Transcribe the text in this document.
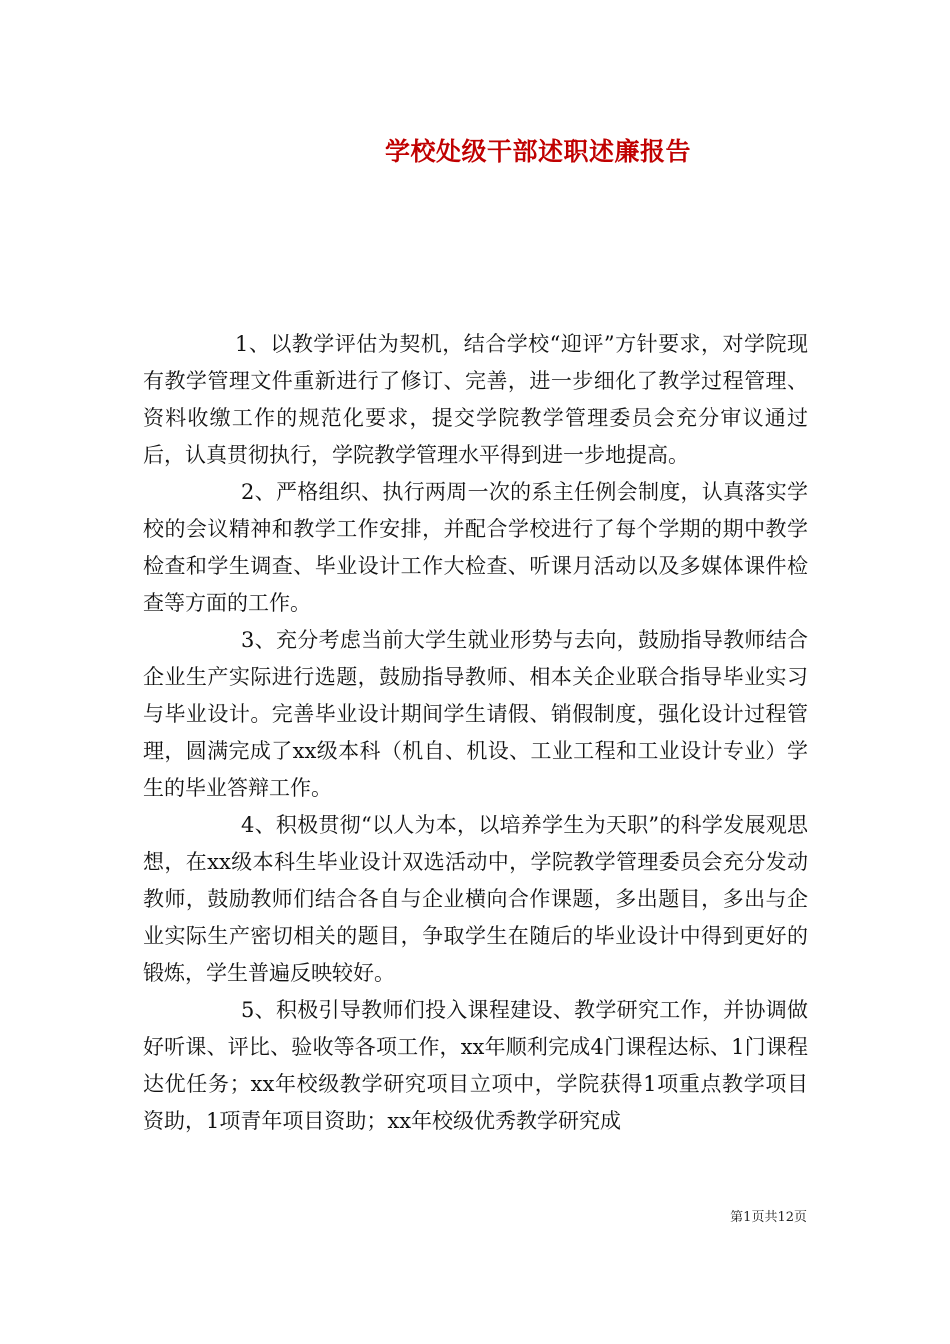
学校处级干部述职述廉报告

1、以教学评估为契机，结合学校“迎评”方针要求，对学院现有教学管理文件重新进行了修订、完善，进一步细化了教学过程管理、资料收缴工作的规范化要求，提交学院教学管理委员会充分审议通过后，认真贯彻执行，学院教学管理水平得到进一步地提高。

2、严格组织、执行两周一次的系主任例会制度，认真落实学校的会议精神和教学工作安排，并配合学校进行了每个学期的期中教学检查和学生调查、毕业设计工作大检查、听课月活动以及多媒体课件检查等方面的工作。

3、充分考虑当前大学生就业形势与去向，鼓励指导教师结合企业生产实际进行选题，鼓励指导教师、相本关企业联合指导毕业实习与毕业设计。完善毕业设计期间学生请假、销假制度，强化设计过程管理，圆满完成了xx级本科（机自、机设、工业工程和工业设计专业）学生的毕业答辩工作。

4、积极贯彻“以人为本，以培养学生为天职”的科学发展观思想，在xx级本科生毕业设计双选活动中，学院教学管理委员会充分发动教师，鼓励教师们结合各自与企业横向合作课题，多出题目，多出与企业实际生产密切相关的题目，争取学生在随后的毕业设计中得到更好的锻炼，学生普遍反映较好。

5、积极引导教师们投入课程建设、教学研究工作，并协调做好听课、评比、验收等各项工作，xx年顺利完成4门课程达标、1门课程达优任务；xx年校级教学研究项目立项中，学院获得1项重点教学项目资助，1项青年项目资助；xx年校级优秀教学研究成

第1页共12页
